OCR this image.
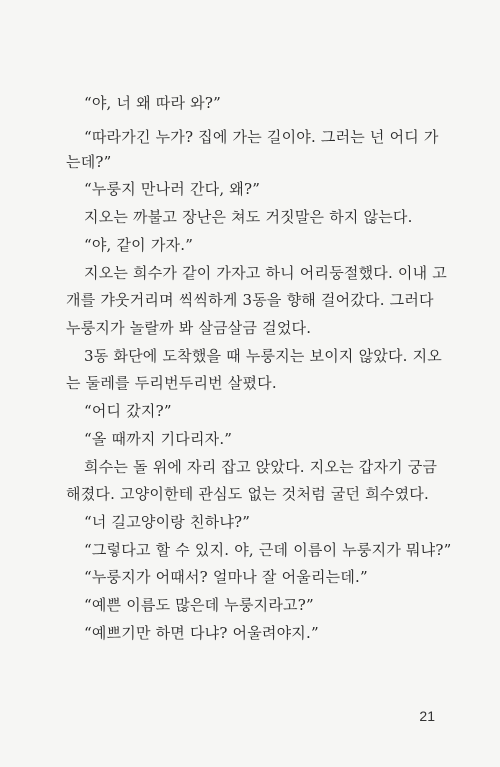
“야, 너 왜 따라 와?”
“따라가긴 누가? 집에 가는 길이야. 그러는 넌 어디 가
는데?”
“누룽지 만나러 간다, 왜?”
지오는 까불고 장난은 쳐도 거짓말은 하지 않는다.
“야, 같이 가자.”
지오는 희수가 같이 가자고 하니 어리둥절했다. 이내 고
개를 갸웃거리며 씩씩하게 3동을 향해 걸어갔다. 그러다
누룽지가 놀랄까 봐 살금살금 걸었다.
3동 화단에 도착했을 때 누룽지는 보이지 않았다. 지오
는 둘레를 두리번두리번 살폈다.
“어디 갔지?”
“올 때까지 기다리자.”
희수는 돌 위에 자리 잡고 앉았다. 지오는 갑자기 궁금
해졌다. 고양이한테 관심도 없는 것처럼 굴던 희수였다.
“너 길고양이랑 친하냐?”
“그렇다고 할 수 있지. 야, 근데 이름이 누룽지가 뭐냐?”
“누룽지가 어때서? 얼마나 잘 어울리는데.”
“예쁜 이름도 많은데 누룽지라고?”
“예쁘기만 하면 다냐? 어울려야지.”
21
